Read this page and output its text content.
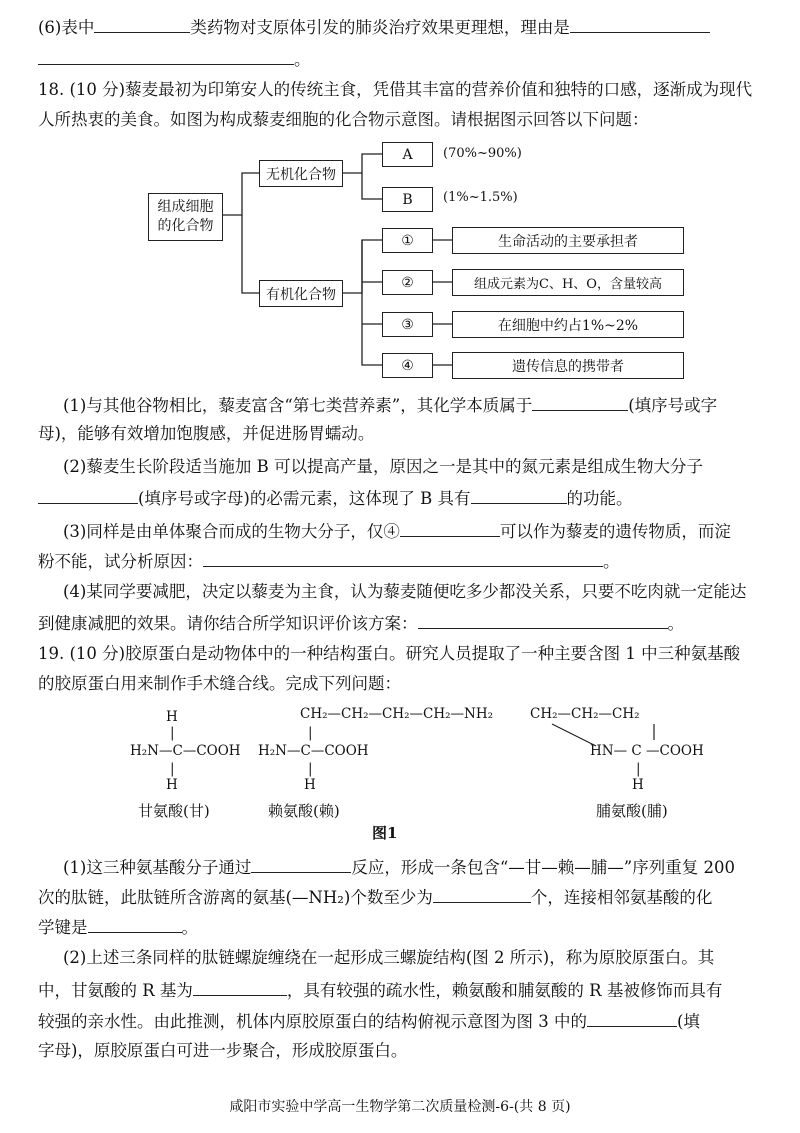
(6)表中	类药物对支原体引发的肺炎治疗效果更理想，理由是
。
18. (10 分)藜麦最初为印第安人的传统主食，凭借其丰富的营养价值和独特的口感，逐渐成为现代
人所热衷的美食。如图为构成藜麦细胞的化合物示意图。请根据图示回答以下问题：
组成细胞
的化合物
无机化合物
有机化合物
A	(70%~90%)
B	(1%~1.5%)
①
②
③
④
生命活动的主要承担者
组成元素为C、H、O，含量较高
在细胞中约占1%~2%
遗传信息的携带者
(1)与其他谷物相比，藜麦富含“第七类营养素”，其化学本质属于	(填序号或字
母)，能够有效增加饱腹感，并促进肠胃蠕动。
(2)藜麦生长阶段适当施加 B 可以提高产量，原因之一是其中的氮元素是组成生物大分子
(填序号或字母)的必需元素，这体现了 B 具有	的功能。
(3)同样是由单体聚合而成的生物大分子，仅④	可以作为藜麦的遗传物质，而淀
粉不能，试分析原因：	。
(4)某同学要减肥，决定以藜麦为主食，认为藜麦随便吃多少都没关系，只要不吃肉就一定能达
到健康减肥的效果。请你结合所学知识评价该方案：	。
19. (10 分)胶原蛋白是动物体中的一种结构蛋白。研究人员提取了一种主要含图 1 中三种氨基酸
的胶原蛋白用来制作手术缝合线。完成下列问题：
H
|
H₂N—C—COOH
|
H
甘氨酸(甘)
CH₂—CH₂—CH₂—CH₂—NH₂
|
H₂N—C—COOH
|
H
赖氨酸(赖)
CH₂—CH₂—CH₂
HN— C —COOH
|
H
脯氨酸(脯)
图1
(1)这三种氨基酸分子通过	反应，形成一条包含“—甘—赖—脯—”序列重复 200
次的肽链，此肽链所含游离的氨基(—NH₂)个数至少为	个，连接相邻氨基酸的化
学键是	。
(2)上述三条同样的肽链螺旋缠绕在一起形成三螺旋结构(图 2 所示)，称为原胶原蛋白。其
中，甘氨酸的 R 基为	，具有较强的疏水性，赖氨酸和脯氨酸的 R 基被修饰而具有
较强的亲水性。由此推测，机体内原胶原蛋白的结构俯视示意图为图 3 中的	(填
字母)，原胶原蛋白可进一步聚合，形成胶原蛋白。
咸阳市实验中学高一生物学第二次质量检测-6-(共 8 页)
